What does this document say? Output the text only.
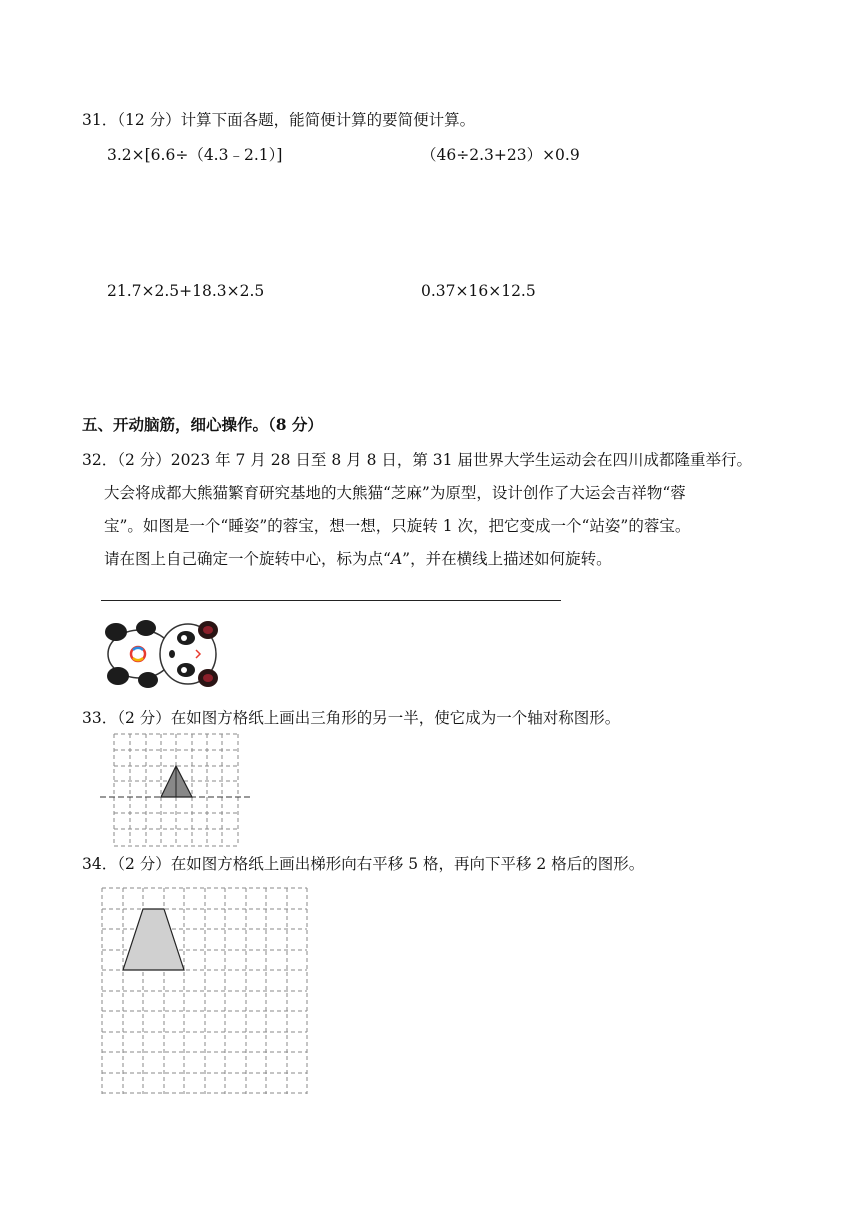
31．（12 分）计算下面各题，能简便计算的要简便计算。
3.2×[6.6÷（4.3﹣2.1）]	（46÷2.3+23）×0.9
21.7×2.5+18.3×2.5	0.37×16×12.5
五、开动脑筋，细心操作。（8 分）
32．（2 分）2023 年 7 月 28 日至 8 月 8 日，第 31 届世界大学生运动会在四川成都隆重举行。
大会将成都大熊猫繁育研究基地的大熊猫“芝麻”为原型，设计创作了大运会吉祥物“蓉
宝”。如图是一个“睡姿”的蓉宝，想一想，只旋转 1 次，把它变成一个“站姿”的蓉宝。
请在图上自己确定一个旋转中心，标为点“A”，并在横线上描述如何旋转。
33．（2 分）在如图方格纸上画出三角形的另一半，使它成为一个轴对称图形。
34．（2 分）在如图方格纸上画出梯形向右平移 5 格，再向下平移 2 格后的图形。
